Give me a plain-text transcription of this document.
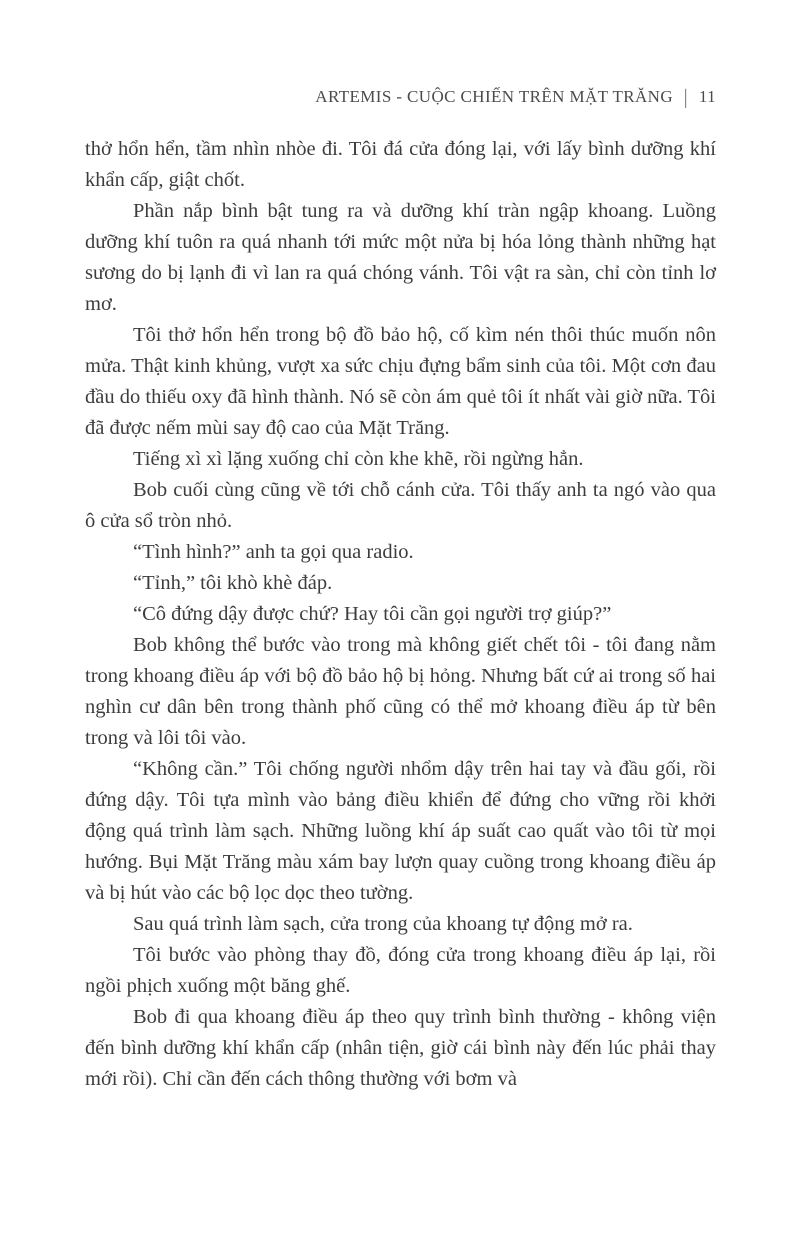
ARTEMIS - CUỘC CHIẾN TRÊN MẶT TRĂNG | 11

thở hổn hển, tầm nhìn nhòe đi. Tôi đá cửa đóng lại, với lấy bình dưỡng khí khẩn cấp, giật chốt.

Phần nắp bình bật tung ra và dưỡng khí tràn ngập khoang. Luồng dưỡng khí tuôn ra quá nhanh tới mức một nửa bị hóa lỏng thành những hạt sương do bị lạnh đi vì lan ra quá chóng vánh. Tôi vật ra sàn, chỉ còn tỉnh lơ mơ.

Tôi thở hổn hển trong bộ đồ bảo hộ, cố kìm nén thôi thúc muốn nôn mửa. Thật kinh khủng, vượt xa sức chịu đựng bẩm sinh của tôi. Một cơn đau đầu do thiếu oxy đã hình thành. Nó sẽ còn ám quẻ tôi ít nhất vài giờ nữa. Tôi đã được nếm mùi say độ cao của Mặt Trăng.

Tiếng xì xì lặng xuống chỉ còn khe khẽ, rồi ngừng hẳn.

Bob cuối cùng cũng về tới chỗ cánh cửa. Tôi thấy anh ta ngó vào qua ô cửa sổ tròn nhỏ.

“Tình hình?” anh ta gọi qua radio.

“Tỉnh,” tôi khò khè đáp.

“Cô đứng dậy được chứ? Hay tôi cần gọi người trợ giúp?”

Bob không thể bước vào trong mà không giết chết tôi - tôi đang nằm trong khoang điều áp với bộ đồ bảo hộ bị hỏng. Nhưng bất cứ ai trong số hai nghìn cư dân bên trong thành phố cũng có thể mở khoang điều áp từ bên trong và lôi tôi vào.

“Không cần.” Tôi chống người nhổm dậy trên hai tay và đầu gối, rồi đứng dậy. Tôi tựa mình vào bảng điều khiển để đứng cho vững rồi khởi động quá trình làm sạch. Những luồng khí áp suất cao quất vào tôi từ mọi hướng. Bụi Mặt Trăng màu xám bay lượn quay cuồng trong khoang điều áp và bị hút vào các bộ lọc dọc theo tường.

Sau quá trình làm sạch, cửa trong của khoang tự động mở ra.

Tôi bước vào phòng thay đồ, đóng cửa trong khoang điều áp lại, rồi ngồi phịch xuống một băng ghế.

Bob đi qua khoang điều áp theo quy trình bình thường - không viện đến bình dưỡng khí khẩn cấp (nhân tiện, giờ cái bình này đến lúc phải thay mới rồi). Chỉ cần đến cách thông thường với bơm và
